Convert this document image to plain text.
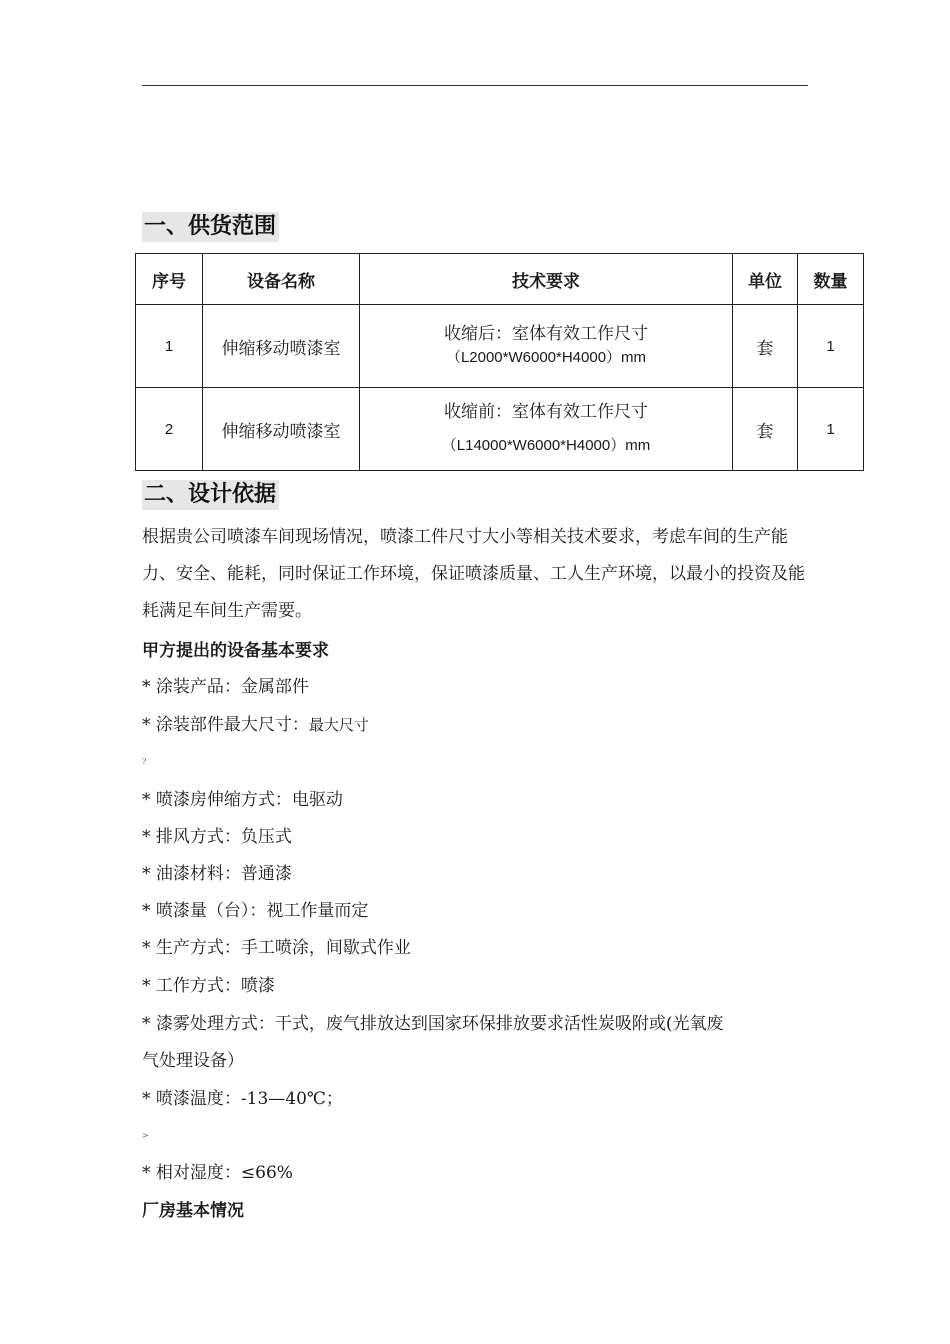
一、供货范围
序号	设备名称	技术要求	单位	数量
1	伸缩移动喷漆室	收缩后：室体有效工作尺寸
（L2000*W6000*H4000）mm	套	1
2	伸缩移动喷漆室	收缩前：室体有效工作尺寸
（L14000*W6000*H4000）mm	套	1
二、设计依据
根据贵公司喷漆车间现场情况，喷漆工件尺寸大小等相关技术要求，考虑车间的生产能力、安全、能耗，同时保证工作环境，保证喷漆质量、工人生产环境，以最小的投资及能耗满足车间生产需要。
甲方提出的设备基本要求
* 涂装产品：金属部件
* 涂装部件最大尺寸：最大尺寸
?
* 喷漆房伸缩方式：电驱动
* 排风方式：负压式
* 油漆材料：普通漆
* 喷漆量（台）：视工作量而定
* 生产方式：手工喷涂，间歇式作业
* 工作方式：喷漆
* 漆雾处理方式：干式，废气排放达到国家环保排放要求活性炭吸附或(光氧废
气处理设备）
* 喷漆温度：-13—40℃；
>
* 相对湿度：≤66%
厂房基本情况
